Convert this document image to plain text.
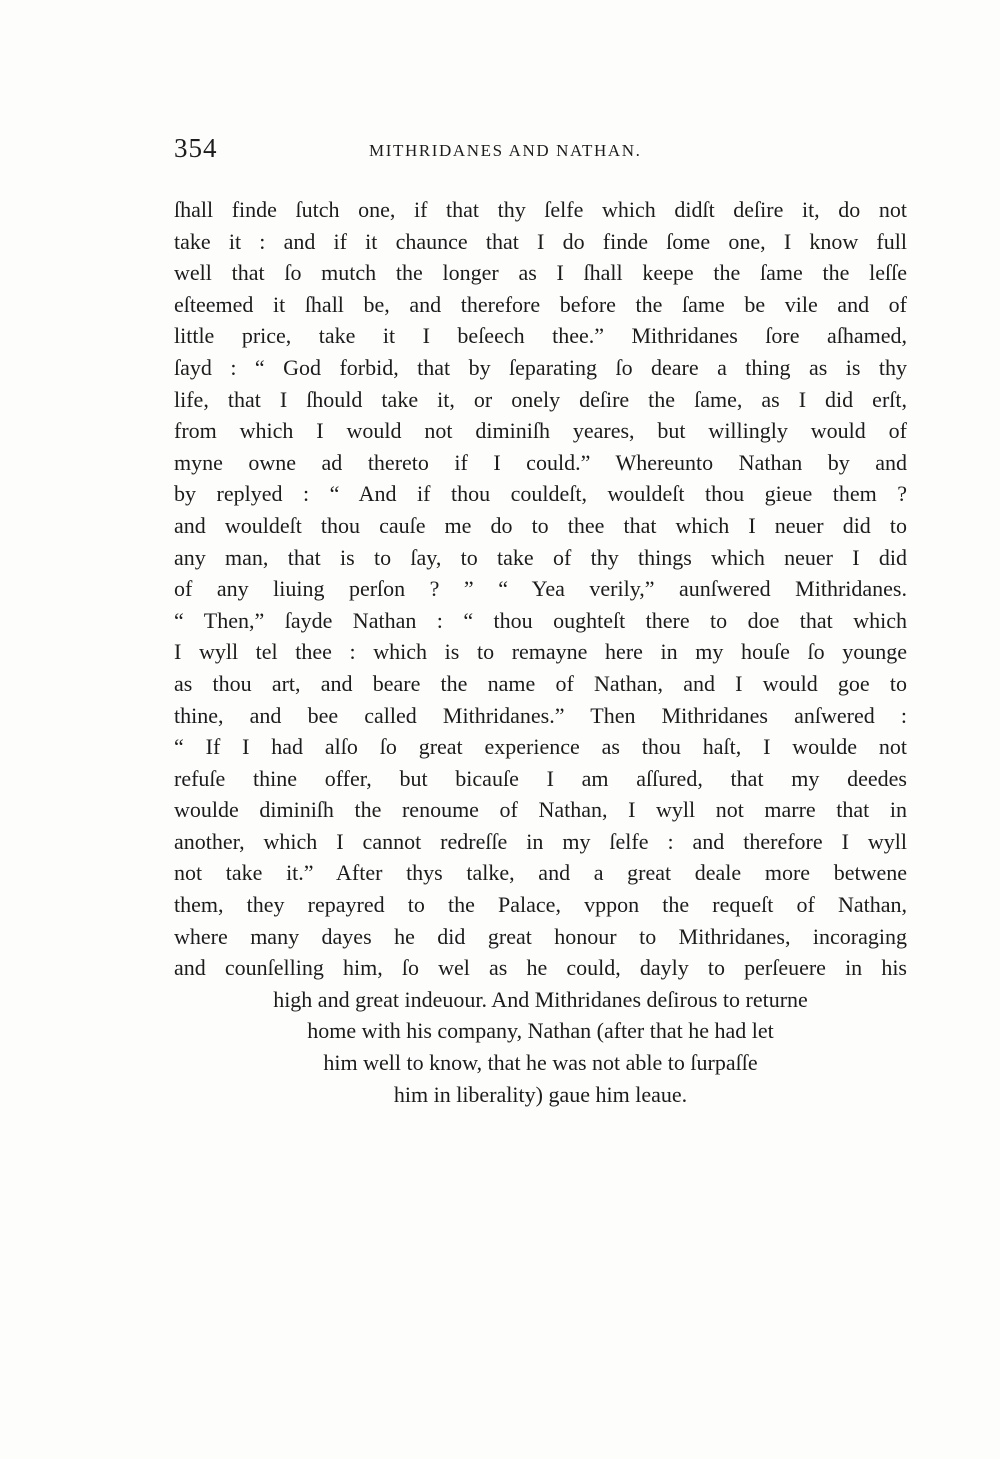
354	MITHRIDANES AND NATHAN.
ſhall finde ſutch one, if that thy ſelfe which didſt deſire it, do not
take it : and if it chaunce that I do finde ſome one, I know full
well that ſo mutch the longer as I ſhall keepe the ſame the leſſe
eſteemed it ſhall be, and therefore before the ſame be vile and of
little price, take it I beſeech thee.” Mithridanes ſore aſhamed,
ſayd : “ God forbid, that by ſeparating ſo deare a thing as is thy
life, that I ſhould take it, or onely deſire the ſame, as I did erſt,
from which I would not diminiſh yeares, but willingly would of
myne owne ad thereto if I could.” Whereunto Nathan by and
by replyed : “ And if thou couldeſt, wouldeſt thou gieue them ?
and wouldeſt thou cauſe me do to thee that which I neuer did to
any man, that is to ſay, to take of thy things which neuer I did
of any liuing perſon ? ” “ Yea verily,” aunſwered Mithridanes.
“ Then,” ſayde Nathan : “ thou oughteſt there to doe that which
I wyll tel thee : which is to remayne here in my houſe ſo younge
as thou art, and beare the name of Nathan, and I would goe to
thine, and bee called Mithridanes.” Then Mithridanes anſwered :
“ If I had alſo ſo great experience as thou haſt, I woulde not
refuſe thine offer, but bicauſe I am aſſured, that my deedes
woulde diminiſh the renoume of Nathan, I wyll not marre that in
another, which I cannot redreſſe in my ſelfe : and therefore I wyll
not take it.” After thys talke, and a great deale more betwene
them, they repayred to the Palace, vppon the requeſt of Nathan,
where many dayes he did great honour to Mithridanes, incoraging
and counſelling him, ſo wel as he could, dayly to perſeuere in his
high and great indeuour. And Mithridanes deſirous to returne
home with his company, Nathan (after that he had let
him well to know, that he was not able to ſurpaſſe
him in liberality) gaue him leaue.
